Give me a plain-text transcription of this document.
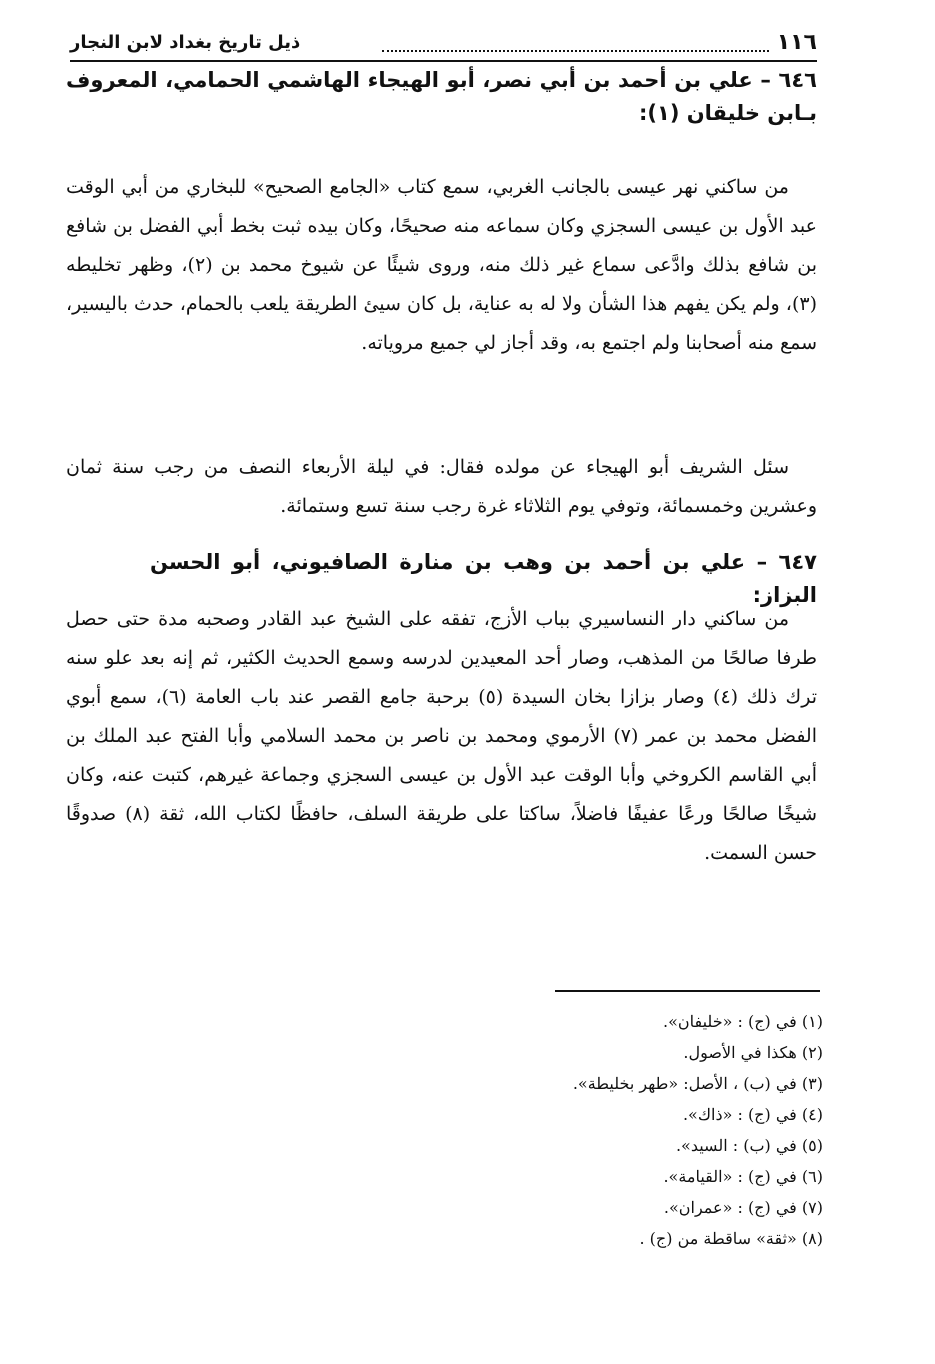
١١٦
ذيل تاريخ بغداد لابن النجار
٦٤٦ – علي بن أحمد بن أبي نصر، أبو الهيجاء الهاشمي الحمامي، المعروف بـابن خليقان (١):
من ساكني نهر عيسى بالجانب الغربي، سمع كتاب «الجامع الصحيح» للبخاري من أبي الوقت عبد الأول بن عيسى السجزي وكان سماعه منه صحيحًا، وكان بيده ثبت بخط أبي الفضل بن شافع بن شافع بذلك وادَّعى سماع غير ذلك منه، وروى شيئًا عن شيوخ محمد بن (٢)، وظهر تخليطه (٣)، ولم يكن يفهم هذا الشأن ولا له به عناية، بل كان سيئ الطريقة يلعب بالحمام، حدث باليسير، سمع منه أصحابنا ولم اجتمع به، وقد أجاز لي جميع مروياته.
سئل الشريف أبو الهيجاء عن مولده فقال: في ليلة الأربعاء النصف من رجب سنة ثمان وعشرين وخمسمائة، وتوفي يوم الثلاثاء غرة رجب سنة تسع وستمائة.
٦٤٧ – علي بن أحمد بن وهب بن منارة الصافيوني، أبو الحسن البزاز:
من ساكني دار النساسيري بباب الأزج، تفقه على الشيخ عبد القادر وصحبه مدة حتى حصل طرفا صالحًا من المذهب، وصار أحد المعيدين لدرسه وسمع الحديث الكثير، ثم إنه بعد علو سنه ترك ذلك (٤) وصار بزازا بخان السيدة (٥) برحبة جامع القصر عند باب العامة (٦)، سمع أبوي الفضل محمد بن عمر (٧) الأرموي ومحمد بن ناصر بن محمد السلامي وأبا الفتح عبد الملك بن أبي القاسم الكروخي وأبا الوقت عبد الأول بن عيسى السجزي وجماعة غيرهم، كتبت عنه، وكان شيخًا صالحًا ورعًا عفيفًا فاضلاً، ساكتا على طريقة السلف، حافظًا لكتاب الله، ثقة (٨) صدوقًا حسن السمت.
(١) في (ج) : «خليفان».
(٢) هكذا في الأصول.
(٣) في (ب) ، الأصل: «طهر بخليطة».
(٤) في (ج) : «ذاك».
(٥) في (ب) : السيد».
(٦) في (ج) : «القيامة».
(٧) في (ج) : «عمران».
(٨) «ثقة» ساقطة من (ج) .
